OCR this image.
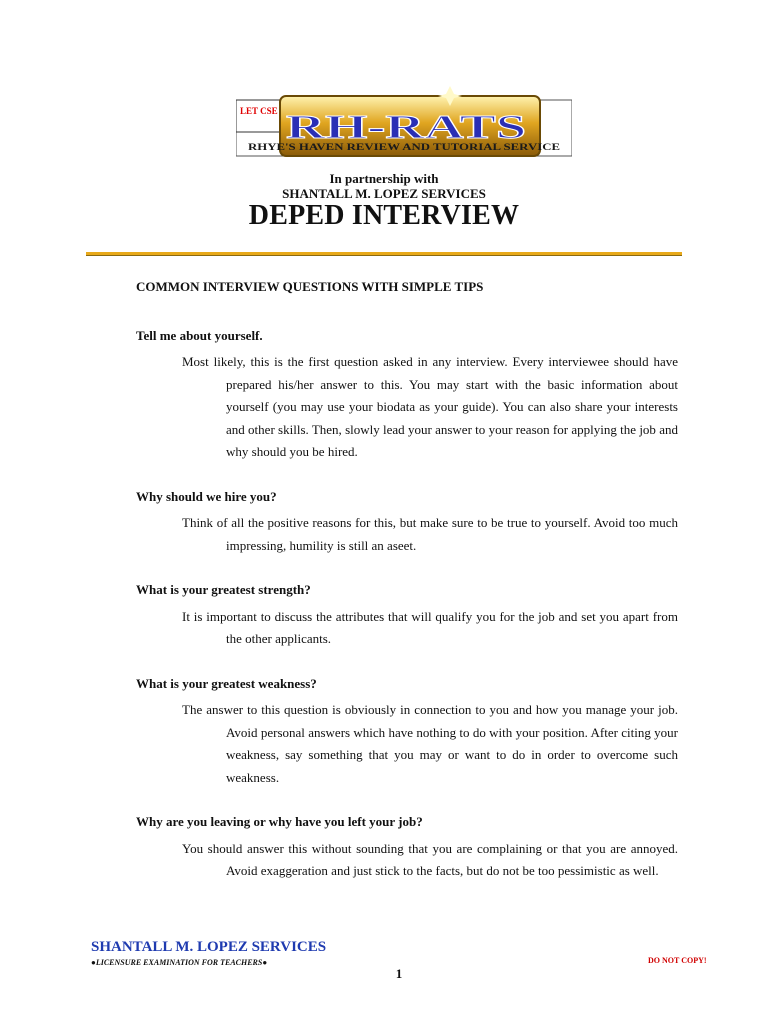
LET CSE RH-RATS
RHYE'S HAVEN REVIEW AND TUTORIAL SERVICE
In partnership with
SHANTALL M. LOPEZ SERVICES
DEPED INTERVIEW

COMMON INTERVIEW QUESTIONS WITH SIMPLE TIPS

Tell me about yourself.

Most likely, this is the first question asked in any interview. Every interviewee should have prepared his/her answer to this. You may start with the basic information about yourself (you may use your biodata as your guide). You can also share your interests and other skills. Then, slowly lead your answer to your reason for applying the job and why should you be hired.

Why should we hire you?

Think of all the positive reasons for this, but make sure to be true to yourself. Avoid too much impressing, humility is still an aseet.

What is your greatest strength?

It is important to discuss the attributes that will qualify you for the job and set you apart from the other applicants.

What is your greatest weakness?

The answer to this question is obviously in connection to you and how you manage your job. Avoid personal answers which have nothing to do with your position. After citing your weakness, say something that you may or want to do in order to overcome such weakness.

Why are you leaving or why have you left your job?

You should answer this without sounding that you are complaining or that you are annoyed. Avoid exaggeration and just stick to the facts, but do not be too pessimistic as well.

SHANTALL M. LOPEZ SERVICES
●LICENSURE EXAMINATION FOR TEACHERS●
1
DO NOT COPY!
